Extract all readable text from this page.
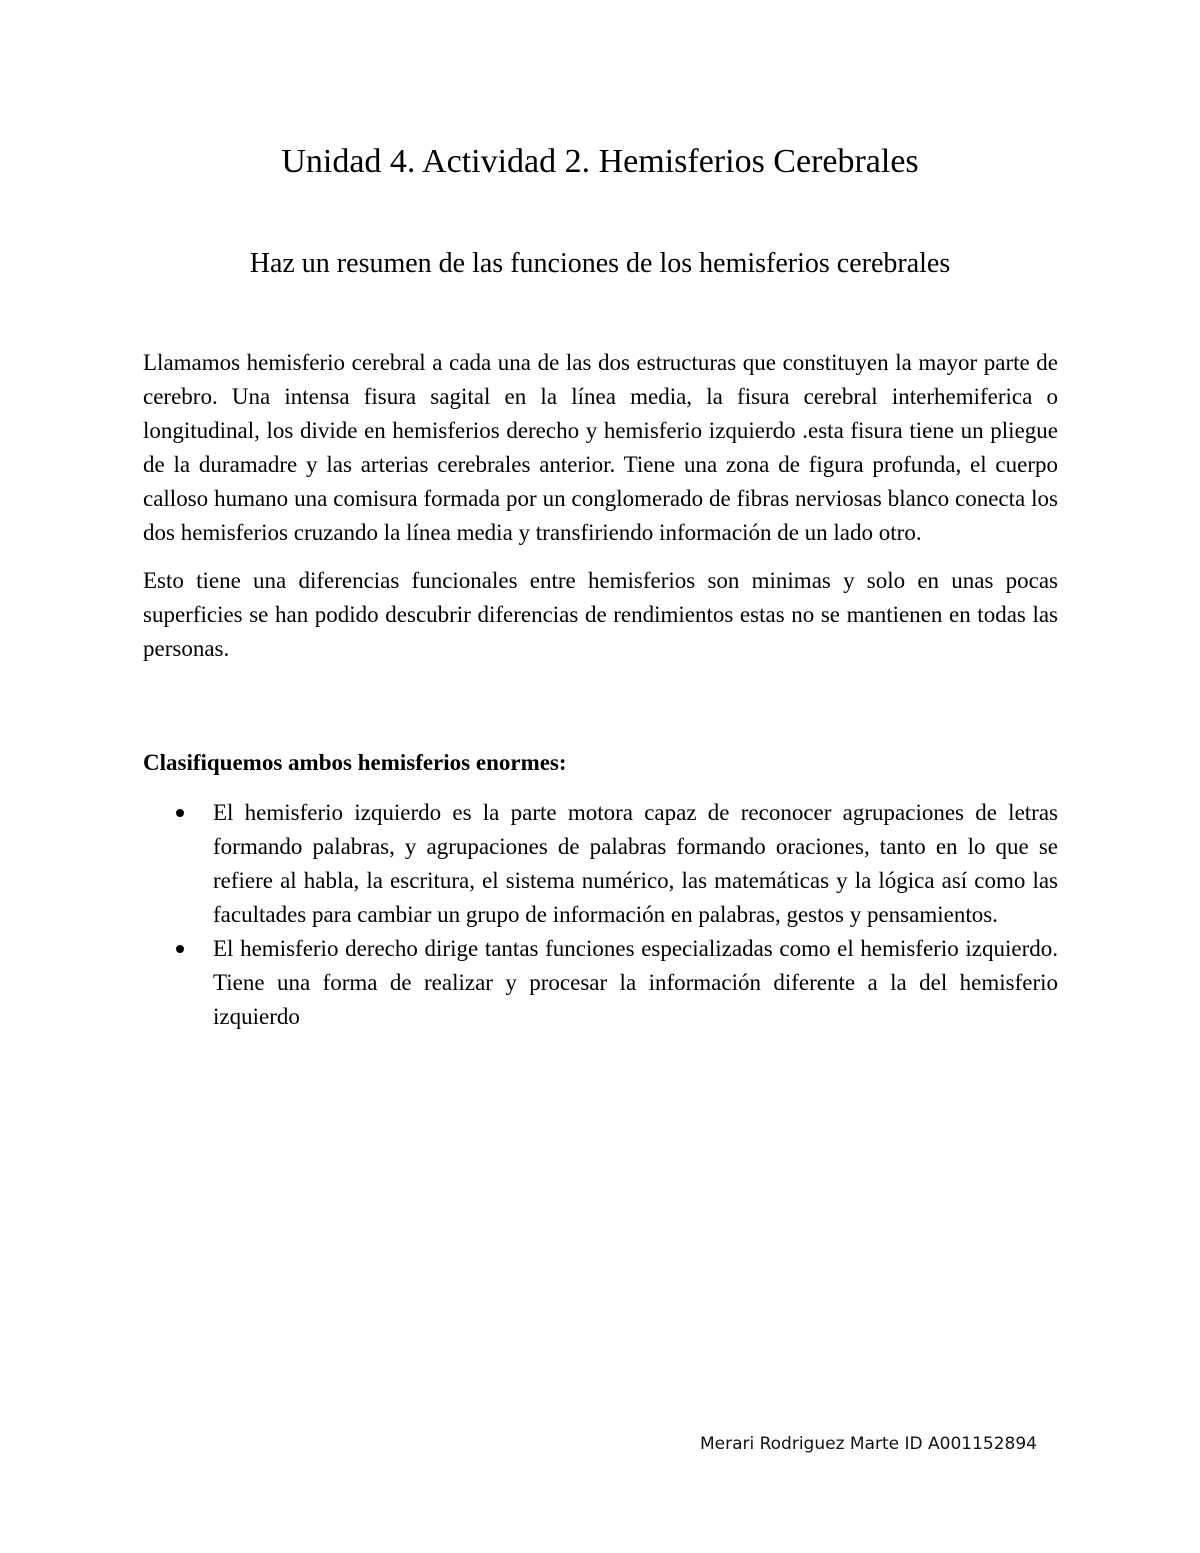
Unidad 4. Actividad 2. Hemisferios Cerebrales
Haz un resumen de las funciones de los hemisferios cerebrales

Llamamos hemisferio cerebral a cada una de las dos estructuras que constituyen la mayor parte de cerebro. Una intensa fisura sagital en la línea media, la fisura cerebral interhemiferica o longitudinal, los divide en hemisferios derecho y hemisferio izquierdo .esta fisura tiene un pliegue de la duramadre y las arterias cerebrales anterior. Tiene una zona de figura profunda, el cuerpo calloso humano una comisura formada por un conglomerado de fibras nerviosas blanco conecta los dos hemisferios cruzando la línea media y transfiriendo información de un lado otro.

Esto tiene una diferencias funcionales entre hemisferios son minimas y solo en unas pocas superficies se han podido descubrir diferencias de rendimientos estas no se mantienen en todas las personas.

Clasifiquemos ambos hemisferios enormes:
El hemisferio izquierdo es la parte motora capaz de reconocer agrupaciones de letras formando palabras, y agrupaciones de palabras formando oraciones, tanto en lo que se refiere al habla, la escritura, el sistema numérico, las matemáticas y la lógica así como las facultades para cambiar un grupo de información en palabras, gestos y pensamientos.
El hemisferio derecho dirige tantas funciones especializadas como el hemisferio izquierdo. Tiene una forma de realizar y procesar la información diferente a la del hemisferio izquierdo
Merari Rodriguez Marte ID A001152894
